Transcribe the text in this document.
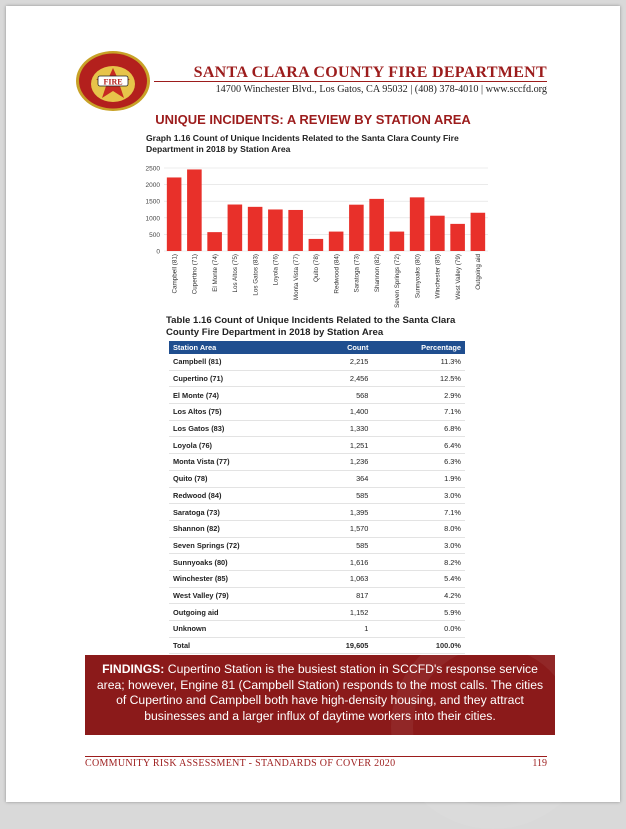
SANTA CLARA COUNTY
FIRE
SANTA CLARA COUNTY FIRE DEPARTMENT
14700 Winchester Blvd., Los Gatos, CA 95032 | (408) 378-4010 | www.sccfd.org
UNIQUE INCIDENTS: A REVIEW BY STATION AREA
Graph 1.16 Count of Unique Incidents Related to the Santa Clara County Fire
Department in 2018 by Station Area
0
500
1000
1500
2000
2500
Campbell (81) Cupertino (71) El Monte (74) Los Altos (75) Los Gatos (83) Loyola (76) Monta Vista (77) Quito (78) Redwood (84) Saratoga (73) Shannon (82) Seven Springs (72) Sunnyoaks (80) Winchester (85) West Valley (79) Outgoing aid
Table 1.16 Count of Unique Incidents Related to the Santa Clara
County Fire Department in 2018 by Station Area
Station Area	Count	Percentage
Campbell (81)	2,215	11.3%
Cupertino (71)	2,456	12.5%
El Monte (74)	568	2.9%
Los Altos (75)	1,400	7.1%
Los Gatos (83)	1,330	6.8%
Loyola (76)	1,251	6.4%
Monta Vista (77)	1,236	6.3%
Quito (78)	364	1.9%
Redwood (84)	585	3.0%
Saratoga (73)	1,395	7.1%
Shannon (82)	1,570	8.0%
Seven Springs (72)	585	3.0%
Sunnyoaks (80)	1,616	8.2%
Winchester (85)	1,063	5.4%
West Valley (79)	817	4.2%
Outgoing aid	1,152	5.9%
Unknown	1	0.0%
Total	19,605	100.0%
FINDINGS: Cupertino Station is the busiest station in SCCFD's response service area; however, Engine 81 (Campbell Station) responds to the most calls. The cities of Cupertino and Campbell both have high-density housing, and they attract businesses and a larger influx of daytime workers into their cities.
COMMUNITY RISK ASSESSMENT - STANDARDS OF COVER 2020	119
